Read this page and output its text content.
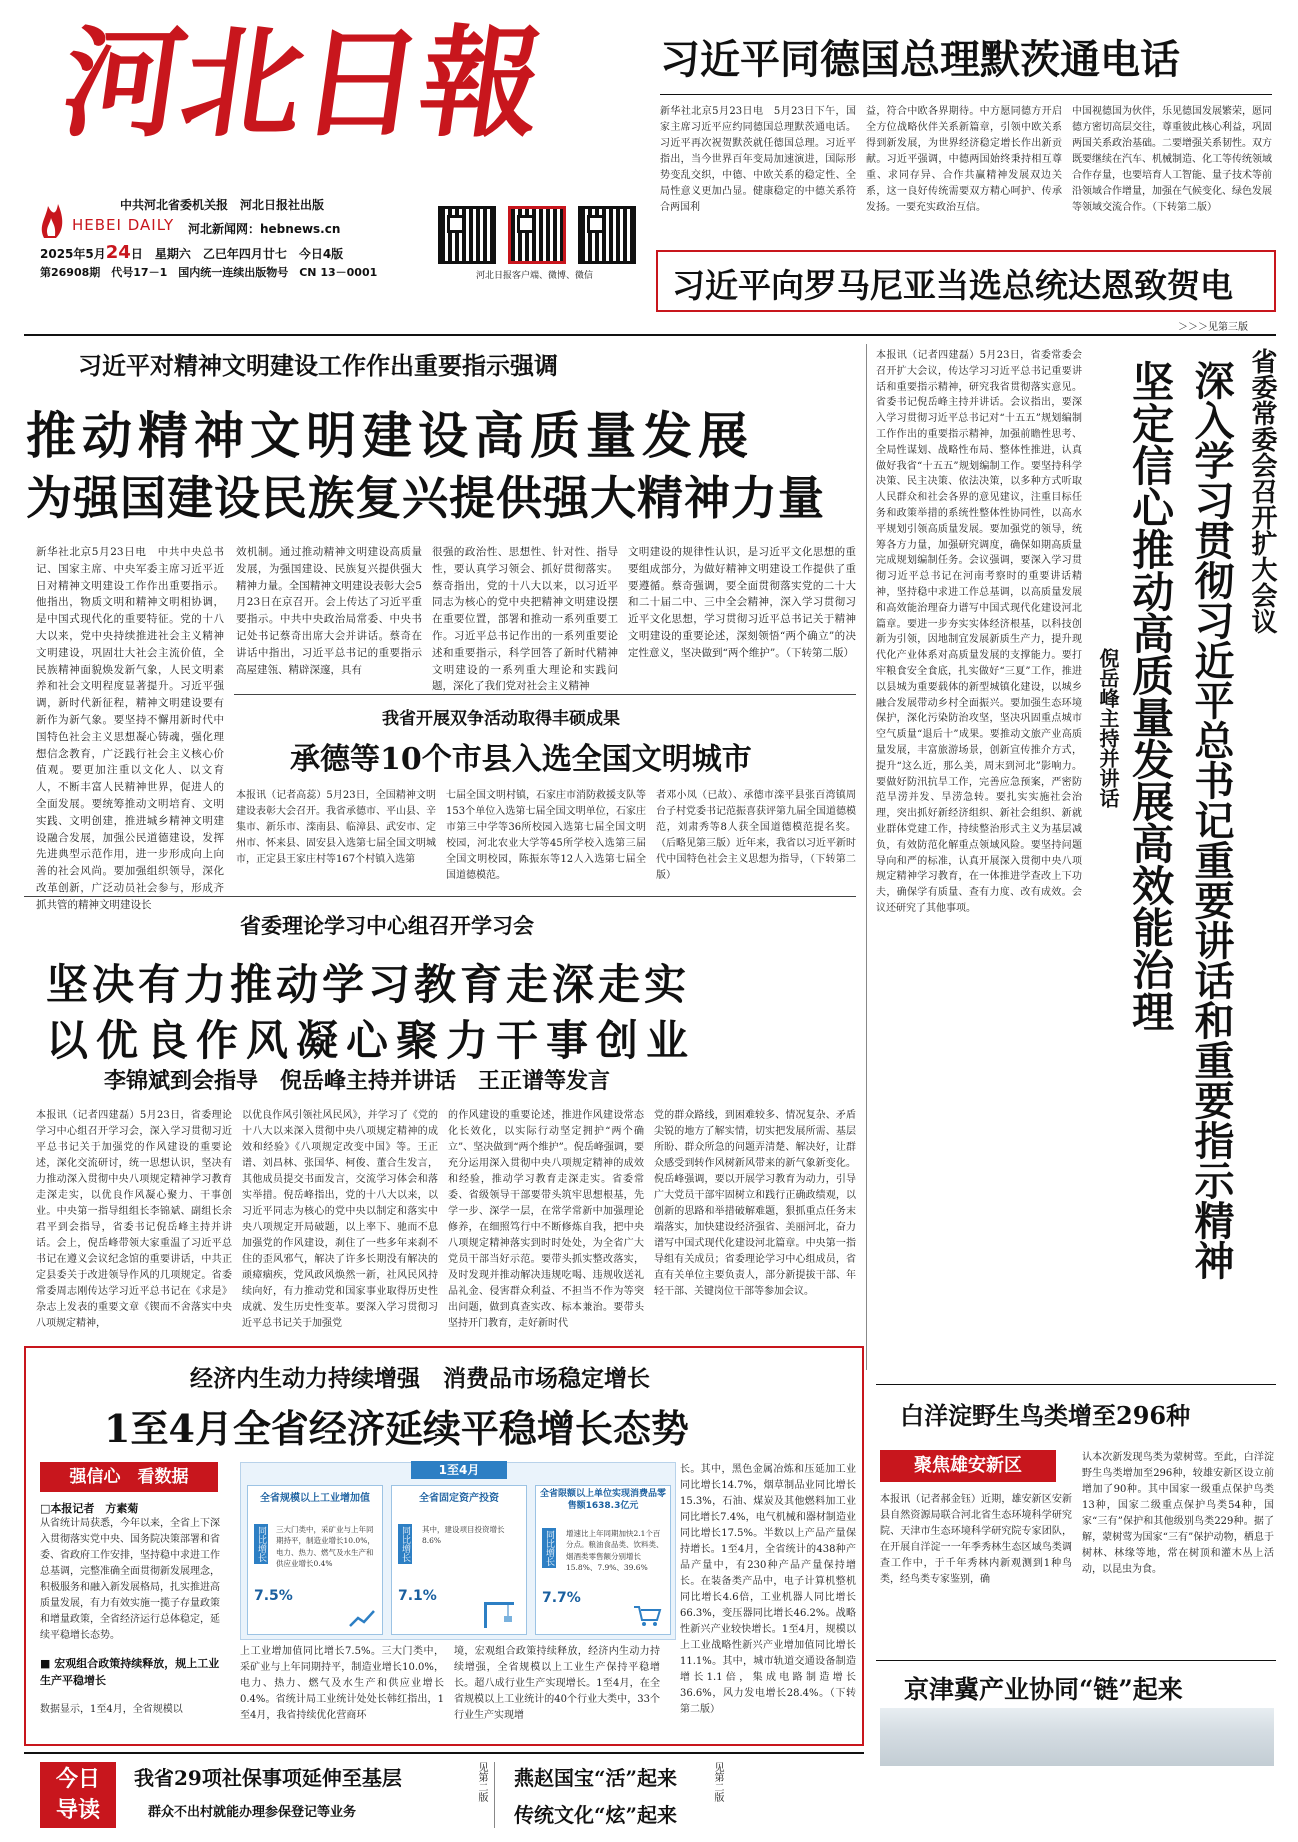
河 北 日 報
中共河北省委机关报　河北日报社出版
HEBEI DAILY 河北新闻网：hebnews.cn
2025年5月24日　星期六　乙巳年四月廿七　今日4版
第26908期　代号17－1　国内统一连续出版物号　CN 13－0001	河北日报客户端、微博、微信
习近平同德国总理默茨通电话
新华社北京5月23日电　5月23日下午，国家主席习近平应约同德国总理默茨通电话。习近平再次祝贺默茨就任德国总理。习近平指出，当今世界百年变局加速演进，国际形势变乱交织，中德、中欧关系的稳定性、全局性意义更加凸显。健康稳定的中德关系符合两国利
益，符合中欧各界期待。中方愿同德方开启全方位战略伙伴关系新篇章，引领中欧关系得到新发展，为世界经济稳定增长作出新贡献。习近平强调，中德两国始终秉持相互尊重、求同存异、合作共赢精神发展双边关系，这一良好传统需要双方精心呵护、传承发扬。一要充实政治互信。
中国视德国为伙伴，乐见德国发展繁荣，愿同德方密切高层交往，尊重彼此核心利益，巩固两国关系政治基础。二要增强关系韧性。双方既要继续在汽车、机械制造、化工等传统领域合作存量，也要培育人工智能、量子技术等前沿领域合作增量，加强在气候变化、绿色发展等领域交流合作。（下转第二版）
习近平向罗马尼亚当选总统达恩致贺电
＞＞＞见第三版
习近平对精神文明建设工作作出重要指示强调
推动精神文明建设高质量发展
为强国建设民族复兴提供强大精神力量
新华社北京5月23日电　中共中央总书记、国家主席、中央军委主席习近平近日对精神文明建设工作作出重要指示。他指出，物质文明和精神文明相协调，是中国式现代化的重要特征。党的十八大以来，党中央持续推进社会主义精神文明建设，巩固壮大社会主流价值，全民族精神面貌焕发新气象，人民文明素养和社会文明程度显著提升。习近平强调，新时代新征程，精神文明建设要有新作为新气象。要坚持不懈用新时代中国特色社会主义思想凝心铸魂，强化理想信念教育，广泛践行社会主义核心价值观。要更加注重以文化人、以文育人，不断丰富人民精神世界，促进人的全面发展。要统筹推动文明培育、文明实践、文明创建，推进城乡精神文明建设融合发展，加强公民道德建设，发挥先进典型示范作用，进一步形成向上向善的社会风尚。要加强组织领导，深化改革创新，广泛动员社会参与，形成齐抓共管的精神文明建设长
效机制。通过推动精神文明建设高质量发展，为强国建设、民族复兴提供强大精神力量。全国精神文明建设表彰大会5月23日在京召开。会上传达了习近平重要指示。中共中央政治局常委、中央书记处书记蔡奇出席大会并讲话。蔡奇在讲话中指出，习近平总书记的重要指示高屋建瓴、精辟深邃，具有
很强的政治性、思想性、针对性、指导性，要认真学习领会、抓好贯彻落实。蔡奇指出，党的十八大以来，以习近平同志为核心的党中央把精神文明建设摆在重要位置，部署和推动一系列重要工作。习近平总书记作出的一系列重要论述和重要指示，科学回答了新时代精神文明建设的一系列重大理论和实践问题，深化了我们党对社会主义精神
文明建设的规律性认识，是习近平文化思想的重要组成部分，为做好精神文明建设工作提供了重要遵循。蔡奇强调，要全面贯彻落实党的二十大和二十届二中、三中全会精神，深入学习贯彻习近平文化思想，学习贯彻习近平总书记关于精神文明建设的重要论述，深刻领悟“两个确立”的决定性意义，坚决做到“两个维护”。（下转第二版）
我省开展双争活动取得丰硕成果
承德等10个市县入选全国文明城市
本报讯（记者高蕊）5月23日，全国精神文明建设表彰大会召开。我省承德市、平山县、辛集市、新乐市、滦南县、临漳县、武安市、定州市、怀来县、固安县入选第七届全国文明城市，正定县王家庄村等167个村镇入选第
七届全国文明村镇，石家庄市消防救援支队等153个单位入选第七届全国文明单位，石家庄市第三中学等36所校园入选第七届全国文明校园，河北农业大学等45所学校入选第三届全国文明校园，陈振东等12人入选第七届全国道德模范。
者邓小凤（已故）、承德市滦平县张百湾镇周台子村党委书记范振喜获评第九届全国道德模范，刘肃秀等8人获全国道德模范提名奖。（后略见第三版）近年来，我省以习近平新时代中国特色社会主义思想为指导，（下转第二版）
省委理论学习中心组召开学习会
坚决有力推动学习教育走深走实
以优良作风凝心聚力干事创业
李锦斌到会指导　倪岳峰主持并讲话　王正谱等发言
本报讯（记者四建磊）5月23日，省委理论学习中心组召开学习会，深入学习贯彻习近平总书记关于加强党的作风建设的重要论述，深化交流研讨，统一思想认识，坚决有力推动深入贯彻中央八项规定精神学习教育走深走实，以优良作风凝心聚力、干事创业。中央第一指导组组长李锦斌、副组长余君平到会指导，省委书记倪岳峰主持并讲话。会上，倪岳峰带领大家重温了习近平总书记在遵义会议纪念馆的重要讲话，中共正定县委关于改进领导作风的几项规定。省委常委周志刚传达学习近平总书记在《求是》杂志上发表的重要文章《锲而不舍落实中央八项规定精神，
以优良作风引领社风民风》，并学习了《党的十八大以来深入贯彻中央八项规定精神的成效和经验》《八项规定改变中国》等。王正谱、刘昌林、张国华、柯俊、董合生发言，其他成员提交书面发言，交流学习体会和落实举措。倪岳峰指出，党的十八大以来，以习近平同志为核心的党中央以制定和落实中央八项规定开局破题，以上率下、驰而不息加强党的作风建设，刹住了一些多年来刹不住的歪风邪气，解决了许多长期没有解决的顽瘴痼疾，党风政风焕然一新，社风民风持续向好，有力推动党和国家事业取得历史性成就、发生历史性变革。要深入学习贯彻习近平总书记关于加强党
的作风建设的重要论述，推进作风建设常态化长效化，以实际行动坚定拥护“两个确立”、坚决做到“两个维护”。倪岳峰强调，要充分运用深入贯彻中央八项规定精神的成效和经验，推动学习教育走深走实。省委常委、省级领导干部要带头筑牢思想根基，先学一步、深学一层，在常学常新中加强理论修养，在细照笃行中不断修炼自我，把中央八项规定精神落实到时时处处，为全省广大党员干部当好示范。要带头抓实整改落实，及时发现并推动解决违规吃喝、违规收送礼品礼金、侵害群众利益、不担当不作为等突出问题，做到真查实改、标本兼治。要带头坚持开门教育，走好新时代
党的群众路线，到困难较多、情况复杂、矛盾尖锐的地方了解实情，切实把发展所需、基层所盼、群众所急的问题弄清楚、解决好，让群众感受到转作风树新风带来的新气象新变化。倪岳峰强调，要以开展学习教育为动力，引导广大党员干部牢固树立和践行正确政绩观，以创新的思路和举措破解难题，狠抓重点任务末端落实，加快建设经济强省、美丽河北，奋力谱写中国式现代化建设河北篇章。中央第一指导组有关成员；省委理论学习中心组成员，省直有关单位主要负责人，部分新提拔干部、年轻干部、关键岗位干部等参加会议。
本报讯（记者四建磊）5月23日，省委常委会召开扩大会议，传达学习习近平总书记重要讲话和重要指示精神，研究我省贯彻落实意见。省委书记倪岳峰主持并讲话。会议指出，要深入学习贯彻习近平总书记对“十五五”规划编制工作作出的重要指示精神，加强前瞻性思考、全局性谋划、战略性布局、整体性推进，认真做好我省“十五五”规划编制工作。要坚持科学决策、民主决策、依法决策，以多种方式听取人民群众和社会各界的意见建议，注重目标任务和政策举措的系统性整体性协同性，以高水平规划引领高质量发展。要加强党的领导，统筹各方力量，加强研究调度，确保如期高质量完成规划编制任务。会议强调，要深入学习贯彻习近平总书记在河南考察时的重要讲话精神，坚持稳中求进工作总基调，以高质量发展和高效能治理奋力谱写中国式现代化建设河北篇章。要进一步夯实实体经济根基，以科技创新为引领，因地制宜发展新质生产力，提升现代化产业体系对高质量发展的支撑能力。要打牢粮食安全食底，扎实做好“三夏”工作，推进以县城为重要载体的新型城镇化建设，以城乡融合发展带动乡村全面振兴。要加强生态环境保护，深化污染防治攻坚，坚决巩固重点城市空气质量“退后十”成果。要推动文旅产业高质量发展，丰富旅游场景，创新宣传推介方式，提升“这么近，那么美，周末到河北”影响力。要做好防汛抗旱工作，完善应急预案，严密防范旱涝并发、旱涝急转。要扎实实施社会治理，突出抓好新经济组织、新社会组织、新就业群体党建工作，持续整治形式主义为基层减负，有效防范化解重点领域风险。要坚持问题导向和严的标准，认真开展深入贯彻中央八项规定精神学习教育，在一体推进学查改上下功夫，确保学有质量、查有力度、改有成效。会议还研究了其他事项。
省委常委会召开扩大会议
深入学习贯彻习近平总书记重要讲话和重要指示精神
坚定信心推动高质量发展高效能治理
倪岳峰主持并讲话
白洋淀野生鸟类增至296种
聚焦雄安新区
本报讯（记者郝金钰）近期，雄安新区安新县自然资源局联合河北省生态环境科学研究院、天津市生态环境科学研究院专家团队，在开展自洋淀一一年季秀林生态区域鸟类调查工作中，于千年秀林内新观测到1种鸟类，经鸟类专家鉴别，确
认本次新发现鸟类为蒙树莺。至此，白洋淀野生鸟类增加至296种，较雄安新区设立前增加了90种。其中国家一级重点保护鸟类13种，国家二级重点保护鸟类54种，国家“三有”保护和其他级别鸟类229种。据了解，蒙树莺为国家“三有”保护动物，栖息于树林、林缘等地，常在树顶和灌木丛上活动，以昆虫为食。
京津冀产业协同“链”起来
经济内生动力持续增强　消费品市场稳定增长
1至4月全省经济延续平稳增长态势
强信心　看数据
□本报记者　方素菊
从省统计局获悉，今年以来，全省上下深入贯彻落实党中央、国务院决策部署和省委、省政府工作安排，坚持稳中求进工作总基调，完整准确全面贯彻新发展理念，积极服务和融入新发展格局，扎实推进高质量发展，有力有效实施一揽子存量政策和增量政策，全省经济运行总体稳定，延续平稳增长态势。
■ 宏观组合政策持续释放，规上工业生产平稳增长
数据显示，1至4月，全省规模以
1至4月
全省规模以上工业增加值
同比增长
7.5%
三大门类中，采矿业与上年同期持平，制造业增长10.0%，电力、热力、燃气及水生产和供应业增长0.4%
全省固定资产投资
同比增长
7.1%
其中，建设项目投资增长8.6%
全省限额以上单位实现消费品零售额1638.3亿元
同比增长
7.7%
增速比上年同期加快2.1个百分点。粮油食品类、饮料类、烟酒类零售额分别增长15.8%、7.9%、39.6%
上工业增加值同比增长7.5%。三大门类中，采矿业与上年同期持平，制造业增长10.0%，电力、热力、燃气及水生产和供应业增长0.4%。省统计局工业统计处处长韩红指出，1至4月，我省持续优化营商环
境，宏观组合政策持续释放，经济内生动力持续增强，全省规模以上工业生产保持平稳增长。超八成行业生产实现增长。1至4月，在全省规模以上工业统计的40个行业大类中，33个行业生产实现增
长。其中，黑色金属冶炼和压延加工业同比增长14.7%，烟草制品业同比增长15.3%，石油、煤炭及其他燃料加工业同比增长7.4%，电气机械和器材制造业同比增长17.5%。半数以上产品产量保持增长。1至4月，全省统计的438种产品产量中，有230种产品产量保持增长。在装备类产品中，电子计算机整机同比增长4.6倍，工业机器人同比增长66.3%，变压器同比增长46.2%。战略性新兴产业较快增长。1至4月，规模以上工业战略性新兴产业增加值同比增长11.1%。其中，城市轨道交通设备制造增长1.1倍，集成电路制造增长36.6%，风力发电增长28.4%。（下转第二版）
今日
导读
我省29项社保事项延伸至基层
群众不出村就能办理参保登记等业务
见第二版 燕赵国宝“活”起来
传统文化“炫”起来
见第二版
